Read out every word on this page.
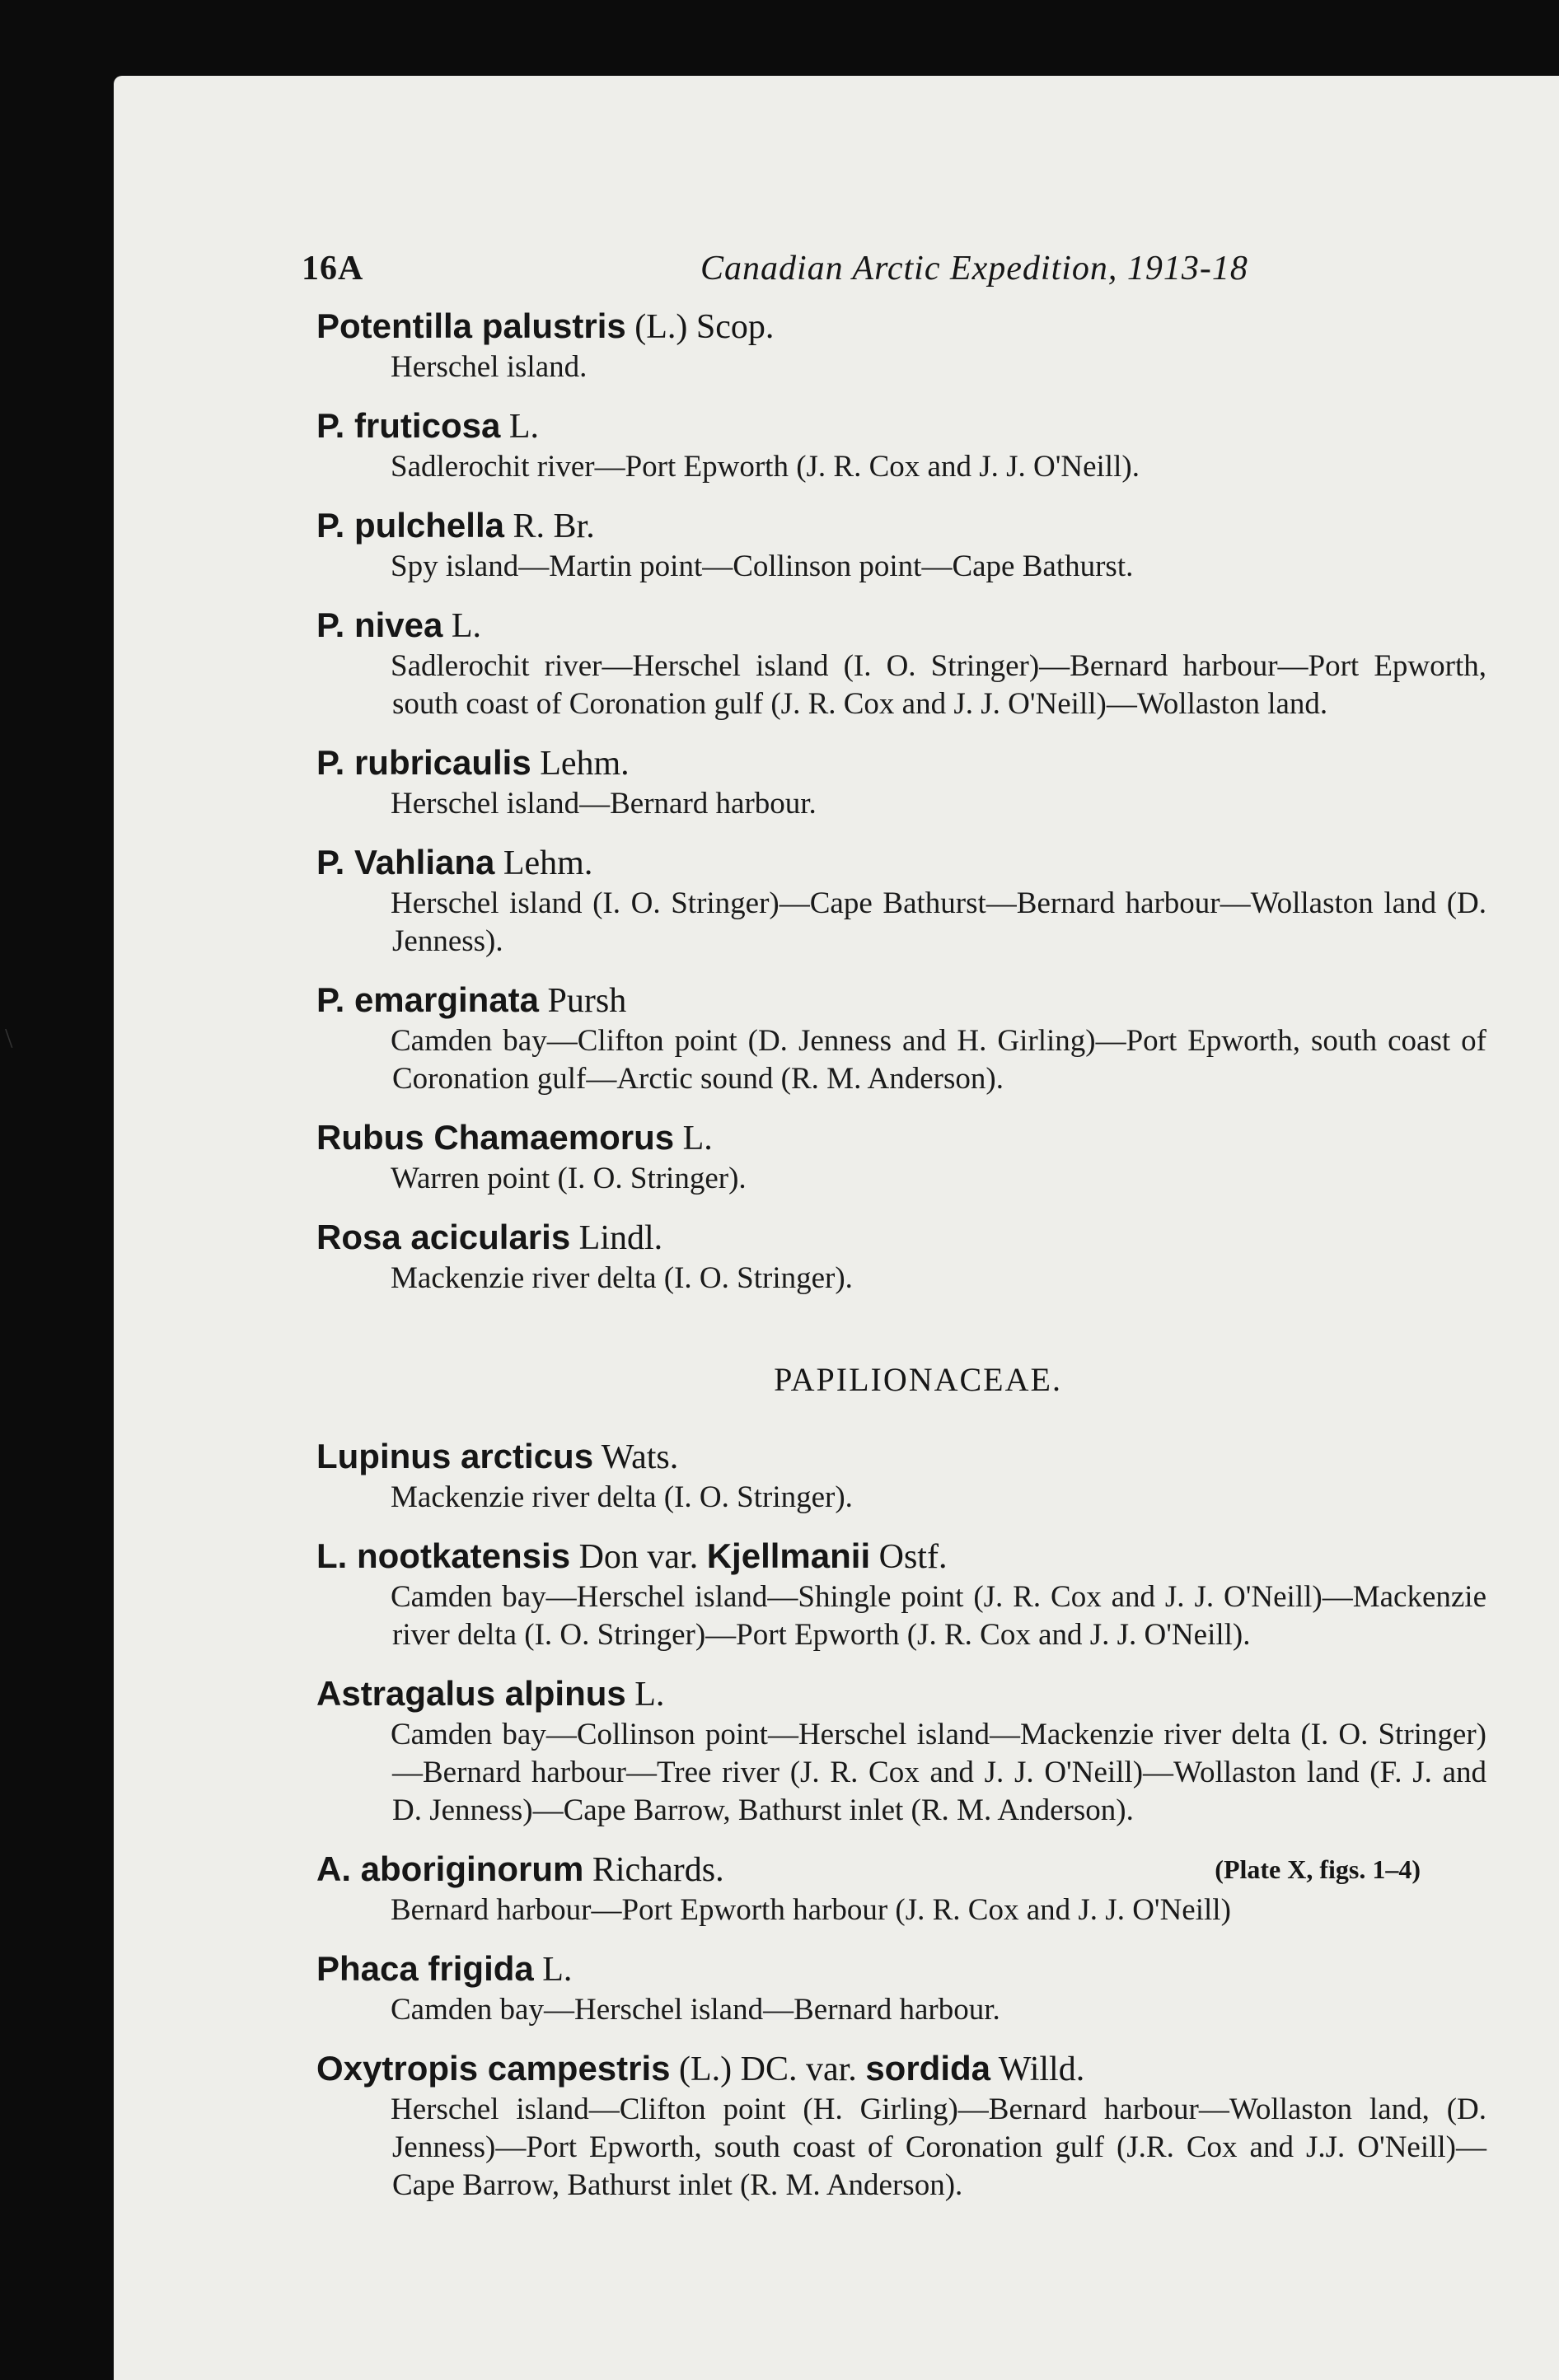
16A	Canadian Arctic Expedition, 1913-18
Potentilla palustris (L.) Scop.
Herschel island.
P. fruticosa L.
Sadlerochit river—Port Epworth (J. R. Cox and J. J. O'Neill).
P. pulchella R. Br.
Spy island—Martin point—Collinson point—Cape Bathurst.
P. nivea L.
Sadlerochit river—Herschel island (I. O. Stringer)—Bernard harbour—Port Epworth, south coast of Coronation gulf (J. R. Cox and J. J. O'Neill)—Wollaston land.
P. rubricaulis Lehm.
Herschel island—Bernard harbour.
P. Vahliana Lehm.
Herschel island (I. O. Stringer)—Cape Bathurst—Bernard harbour—Wollaston land (D. Jenness).
P. emarginata Pursh
Camden bay—Clifton point (D. Jenness and H. Girling)—Port Epworth, south coast of Coronation gulf—Arctic sound (R. M. Anderson).
Rubus Chamaemorus L.
Warren point (I. O. Stringer).
Rosa acicularis Lindl.
Mackenzie river delta (I. O. Stringer).
PAPILIONACEAE.
Lupinus arcticus Wats.
Mackenzie river delta (I. O. Stringer).
L. nootkatensis Don var. Kjellmanii Ostf.
Camden bay—Herschel island—Shingle point (J. R. Cox and J. J. O'Neill)—Mackenzie river delta (I. O. Stringer)—Port Epworth (J. R. Cox and J. J. O'Neill).
Astragalus alpinus L.
Camden bay—Collinson point—Herschel island—Mackenzie river delta (I. O. Stringer)—Bernard harbour—Tree river (J. R. Cox and J. J. O'Neill)—Wollaston land (F. J. and D. Jenness)—Cape Barrow, Bathurst inlet (R. M. Anderson).
A. aboriginorum Richards.	(Plate X, figs. 1–4)
Bernard harbour—Port Epworth harbour (J. R. Cox and J. J. O'Neill)
Phaca frigida L.
Camden bay—Herschel island—Bernard harbour.
Oxytropis campestris (L.) DC. var. sordida Willd.
Herschel island—Clifton point (H. Girling)—Bernard harbour—Wollaston land, (D. Jenness)—Port Epworth, south coast of Coronation gulf (J.R. Cox and J.J. O'Neill)—Cape Barrow, Bathurst inlet (R. M. Anderson).
\
